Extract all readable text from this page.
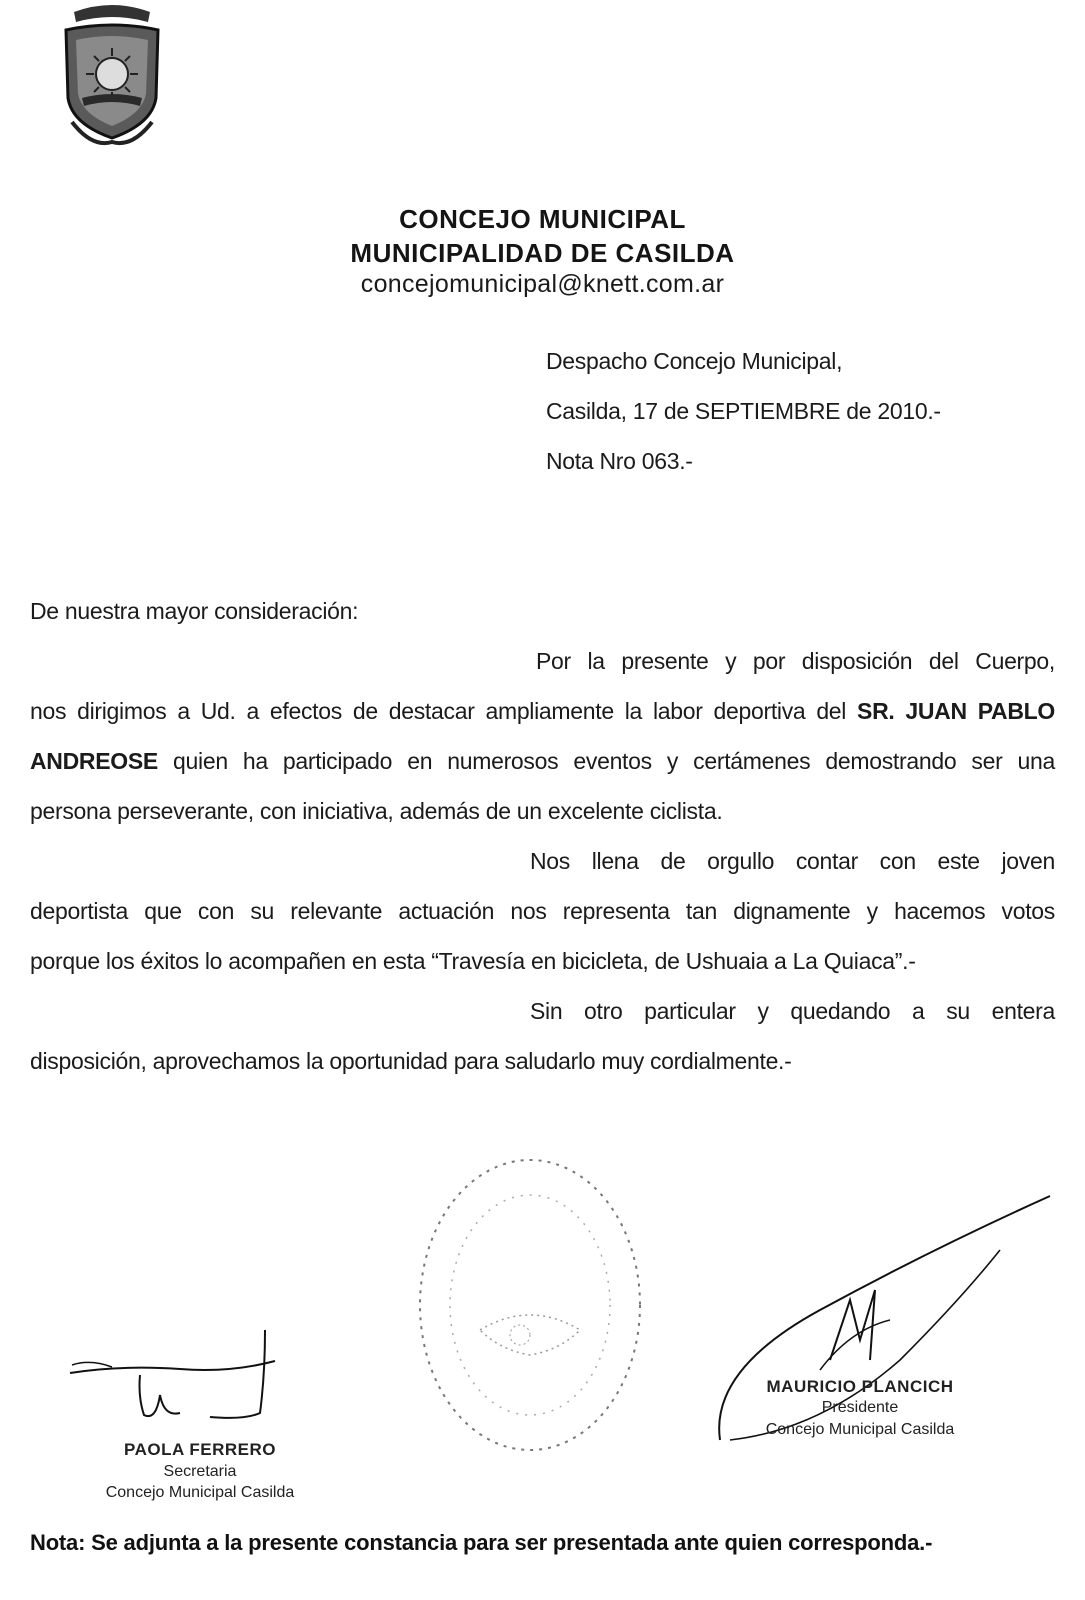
CONCEJO MUNICIPAL
MUNICIPALIDAD DE CASILDA
concejomunicipal@knett.com.ar
Despacho Concejo Municipal,
Casilda, 17 de SEPTIEMBRE de 2010.-
Nota Nro 063.-
De nuestra mayor consideración:
Por la presente y por disposición del Cuerpo,
nos dirigimos a Ud. a efectos de destacar ampliamente la labor deportiva del SR. JUAN PABLO
ANDREOSE quien ha participado en numerosos eventos y certámenes demostrando ser una
persona perseverante, con iniciativa, además de un excelente ciclista.
Nos llena de orgullo contar con este joven
deportista que con su relevante actuación nos representa tan dignamente y hacemos votos
porque los éxitos lo acompañen en esta “Travesía en bicicleta, de Ushuaia a La Quiaca”.-
Sin otro particular y quedando a su entera
disposición, aprovechamos la oportunidad para saludarlo muy cordialmente.-
PAOLA FERRERO
Secretaria
Concejo Municipal Casilda
MAURICIO PLANCICH
Presidente
Concejo Municipal Casilda
Nota: Se adjunta a la presente constancia para ser presentada ante quien corresponda.-
